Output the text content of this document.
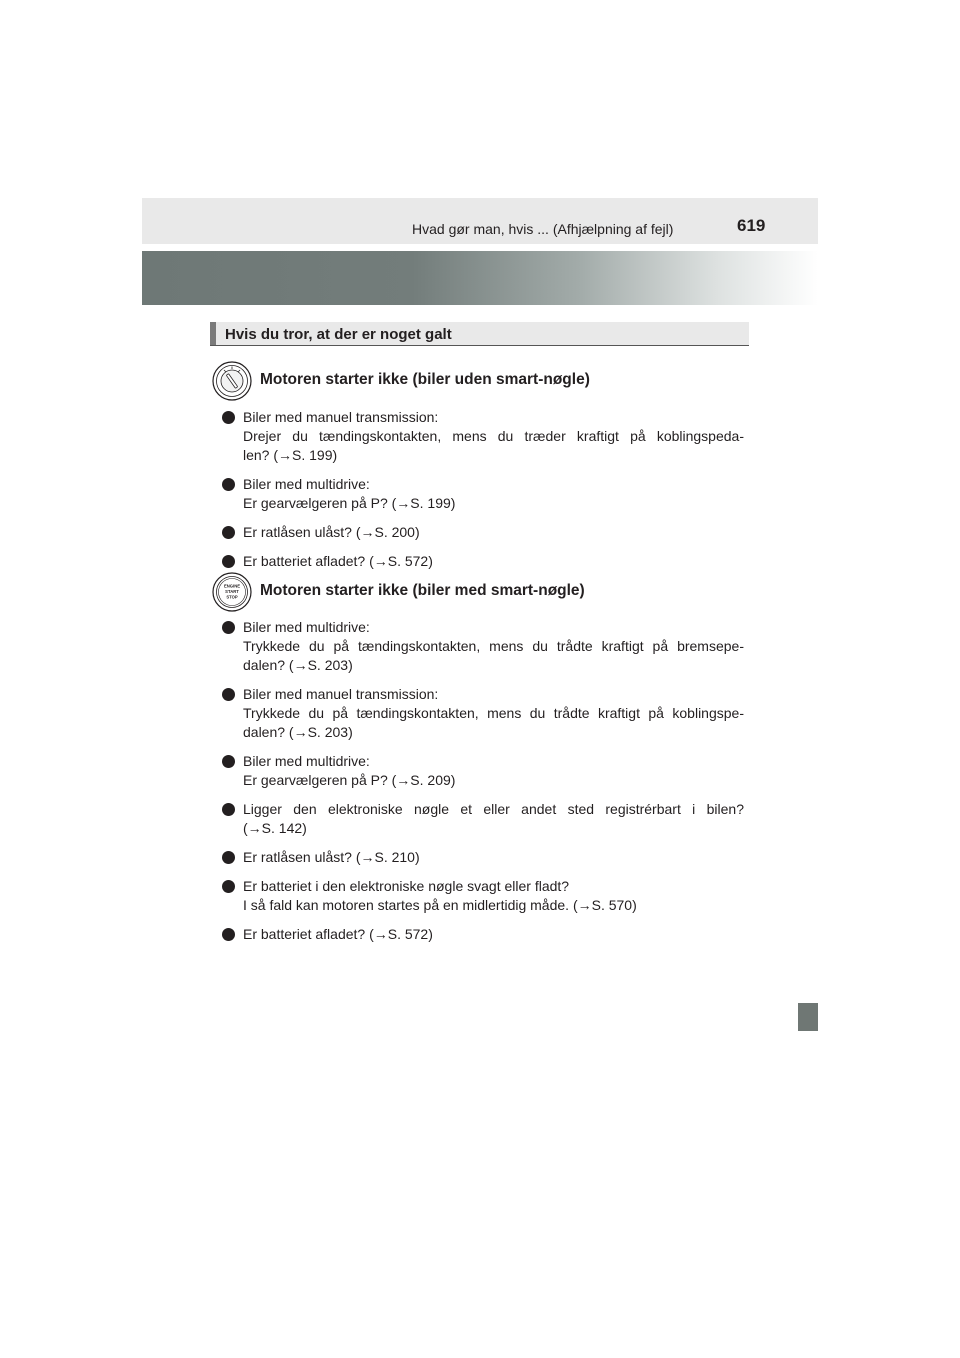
Hvad gør man, hvis ... (Afhjælpning af fejl)	619
Hvis du tror, at der er noget galt
Motoren starter ikke (biler uden smart-nøgle)
Biler med manuel transmission:
Drejer du tændingskontakten, mens du træder kraftigt på koblingspeda-
len? (→S. 199)
Biler med multidrive:
Er gearvælgeren på P? (→S. 199)
Er ratlåsen ulåst? (→S. 200)
Er batteriet afladet? (→S. 572)
ENGINE
START
STOP Motoren starter ikke (biler med smart-nøgle)
Biler med multidrive:
Trykkede du på tændingskontakten, mens du trådte kraftigt på bremsepe-
dalen? (→S. 203)
Biler med manuel transmission:
Trykkede du på tændingskontakten, mens du trådte kraftigt på koblingspe-
dalen? (→S. 203)
Biler med multidrive:
Er gearvælgeren på P? (→S. 209)
Ligger den elektroniske nøgle et eller andet sted registrérbart i bilen?
(→S. 142)
Er ratlåsen ulåst? (→S. 210)
Er batteriet i den elektroniske nøgle svagt eller fladt?
I så fald kan motoren startes på en midlertidig måde. (→S. 570)
Er batteriet afladet? (→S. 572)
